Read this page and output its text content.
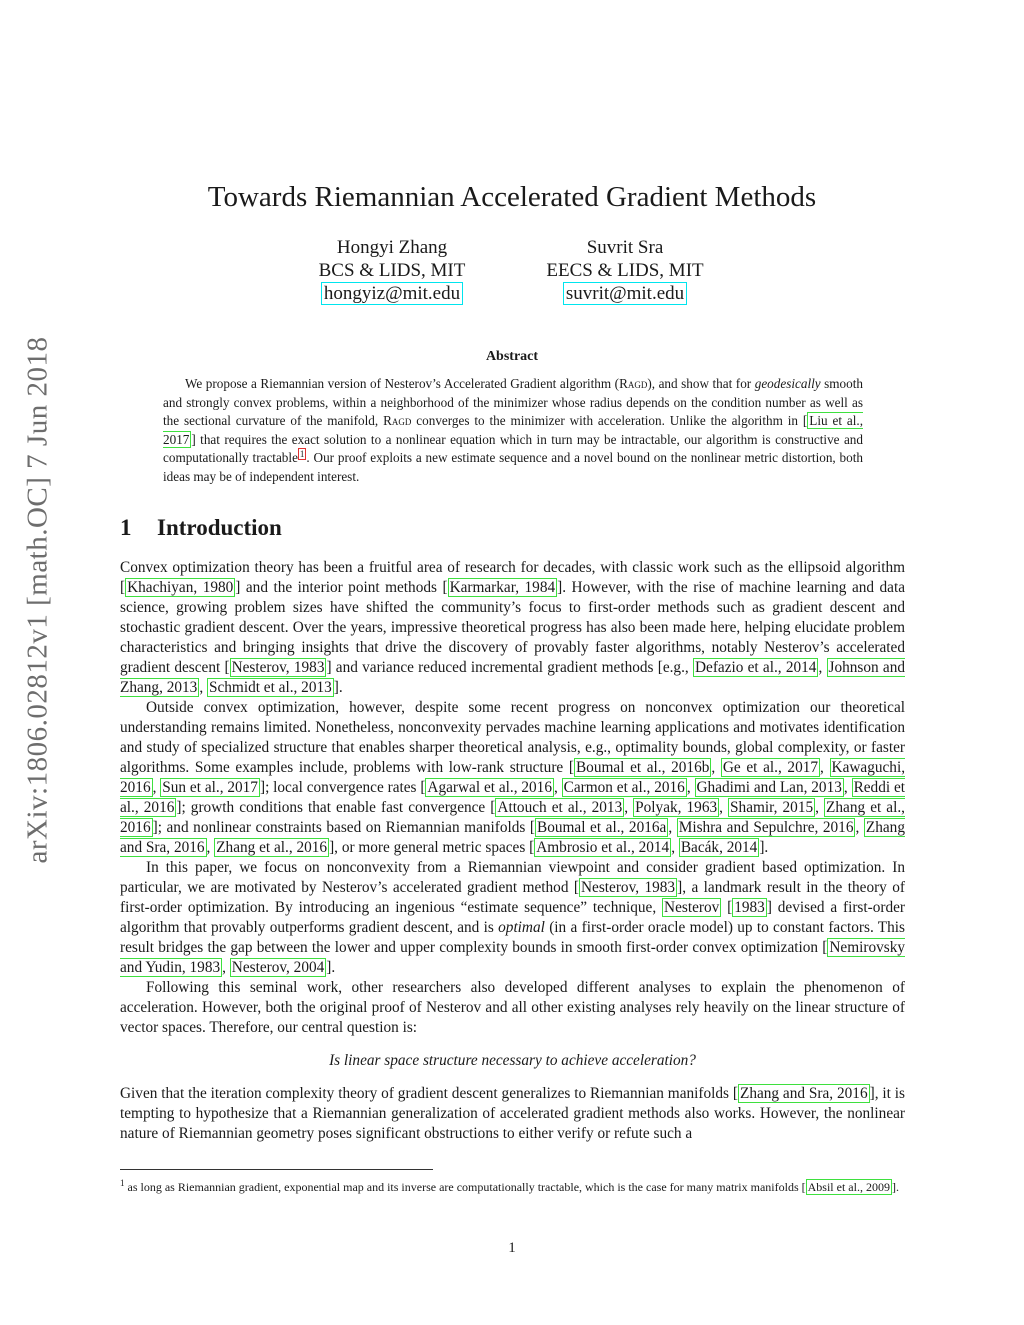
arXiv:1806.02812v1 [math.OC] 7 Jun 2018
Towards Riemannian Accelerated Gradient Methods
Hongyi Zhang
BCS & LIDS, MIT
hongyiz@mit.edu
Suvrit Sra
EECS & LIDS, MIT
suvrit@mit.edu
Abstract
We propose a Riemannian version of Nesterov’s Accelerated Gradient algorithm (Ragd), and show that for geodesically smooth and strongly convex problems, within a neighborhood of the minimizer whose radius depends on the condition number as well as the sectional curvature of the manifold, Ragd converges to the minimizer with acceleration. Unlike the algorithm in [ Liu et al., 2017 ] that requires the exact solution to a nonlinear equation which in turn may be intractable, our algorithm is constructive and computationally tractable $^1$ . Our proof exploits a new estimate sequence and a novel bound on the nonlinear metric distortion, both ideas may be of independent interest.
1 Introduction

Convex optimization theory has been a fruitful area of research for decades, with classic work such as the ellipsoid algorithm [ Khachiyan, 1980 ] and the interior point methods [ Karmarkar, 1984 ]. However, with the rise of machine learning and data science, growing problem sizes have shifted the community’s focus to first-order methods such as gradient descent and stochastic gradient descent. Over the years, impressive theoretical progress has also been made here, helping elucidate problem characteristics and bringing insights that drive the discovery of provably faster algorithms, notably Nesterov’s accelerated gradient descent [ Nesterov, 1983 ] and variance reduced incremental gradient methods [e.g., Defazio et al., 2014 , Johnson and Zhang, 2013 , Schmidt et al., 2013 ].

Outside convex optimization, however, despite some recent progress on nonconvex optimization our theoretical understanding remains limited. Nonetheless, nonconvexity pervades machine learning applications and motivates identification and study of specialized structure that enables sharper theoretical analysis, e.g., optimality bounds, global complexity, or faster algorithms. Some examples include, problems with low-rank structure [ Boumal et al., 2016b , Ge et al., 2017 , Kawaguchi, 2016 , Sun et al., 2017 ]; local convergence rates [ Agarwal et al., 2016 , Carmon et al., 2016 , Ghadimi and Lan, 2013 , Reddi et al., 2016 ]; growth conditions that enable fast convergence [ Attouch et al., 2013 , Polyak, 1963 , Shamir, 2015 , Zhang et al., 2016 ]; and nonlinear constraints based on Riemannian manifolds [ Boumal et al., 2016a , Mishra and Sepulchre, 2016 , Zhang and Sra, 2016 , Zhang et al., 2016 ], or more general metric spaces [ Ambrosio et al., 2014 , Bacák, 2014 ].

In this paper, we focus on nonconvexity from a Riemannian viewpoint and consider gradient based optimization. In particular, we are motivated by Nesterov’s accelerated gradient method [ Nesterov, 1983 ], a landmark result in the theory of first-order optimization. By introducing an ingenious “estimate sequence” technique, Nesterov [ 1983 ] devised a first-order algorithm that provably outperforms gradient descent, and is optimal (in a first-order oracle model) up to constant factors. This result bridges the gap between the lower and upper complexity bounds in smooth first-order convex optimization [ Nemirovsky and Yudin, 1983 , Nesterov, 2004 ].

Following this seminal work, other researchers also developed different analyses to explain the phenomenon of acceleration. However, both the original proof of Nesterov and all other existing analyses rely heavily on the linear structure of vector spaces. Therefore, our central question is:

Is linear space structure necessary to achieve acceleration?

Given that the iteration complexity theory of gradient descent generalizes to Riemannian manifolds [ Zhang and Sra, 2016 ], it is tempting to hypothesize that a Riemannian generalization of accelerated gradient methods also works. However, the nonlinear nature of Riemannian geometry poses significant obstructions to either verify or refute such a

$^1$ as long as Riemannian gradient, exponential map and its inverse are computationally tractable, which is the case for many matrix manifolds [ Absil et al., 2009 ].
1
